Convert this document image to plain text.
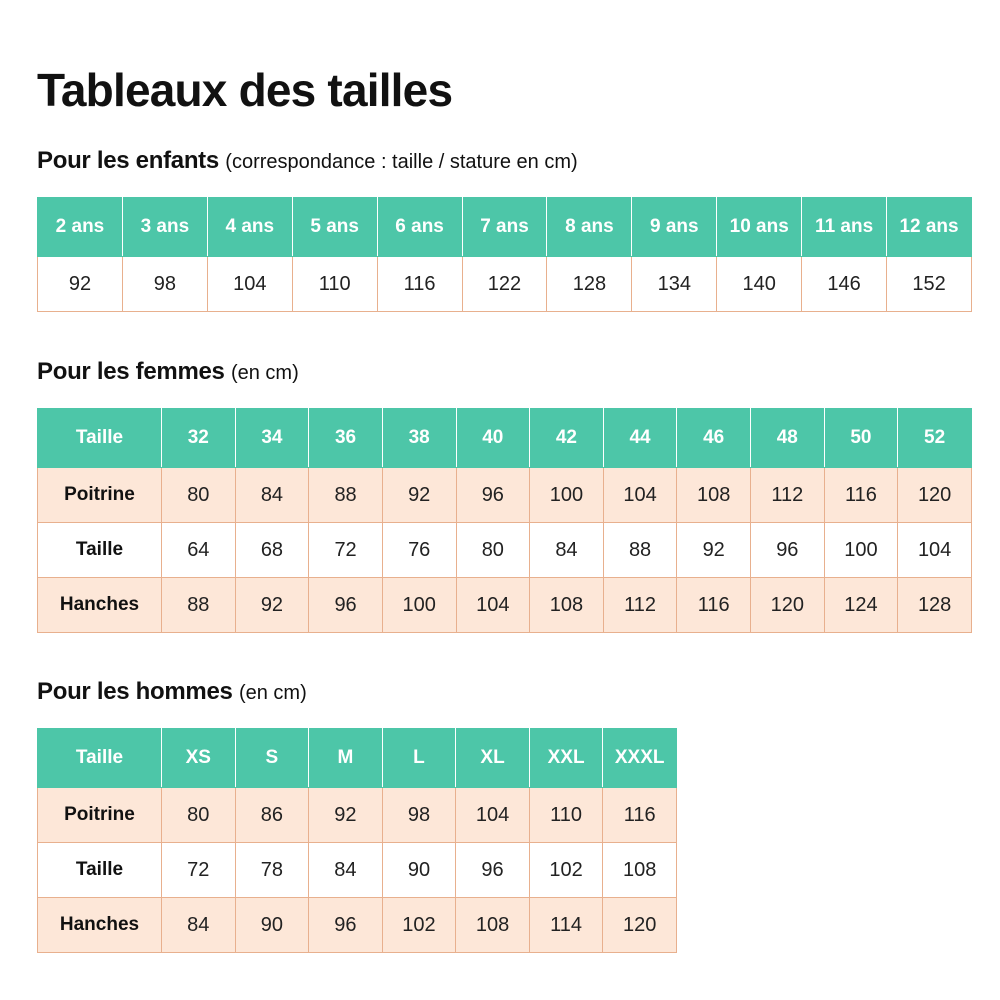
Tableaux des tailles
Pour les enfants (correspondance : taille / stature en cm)
2 ans	3 ans	4 ans	5 ans	6 ans	7 ans	8 ans	9 ans	10 ans	11 ans	12 ans
92	98	104	110	116	122	128	134	140	146	152
Pour les femmes (en cm)
Taille	32	34	36	38	40	42	44	46	48	50	52
Poitrine	80	84	88	92	96	100	104	108	112	116	120
Taille	64	68	72	76	80	84	88	92	96	100	104
Hanches	88	92	96	100	104	108	112	116	120	124	128
Pour les hommes (en cm)
Taille	XS	S	M	L	XL	XXL	XXXL
Poitrine	80	86	92	98	104	110	116
Taille	72	78	84	90	96	102	108
Hanches	84	90	96	102	108	114	120
